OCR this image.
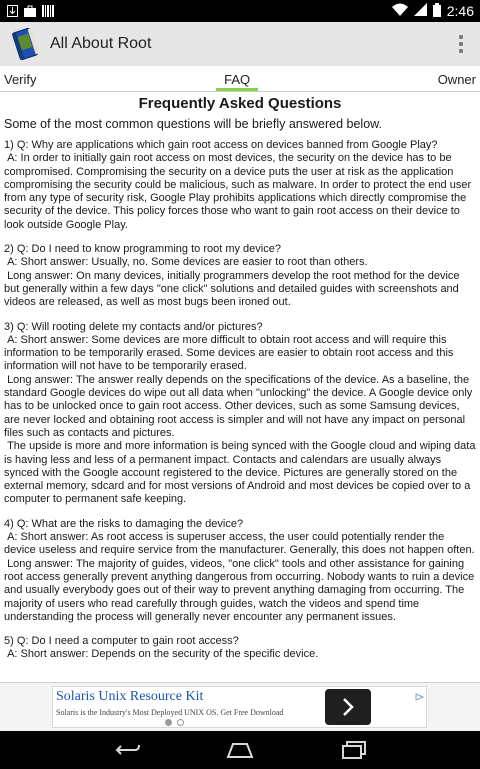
2:46
All About Root
Verify	FAQ	Owner
Frequently Asked Questions
Some of the most common questions will be briefly answered below.
1) Q: Why are applications which gain root access on devices banned from Google Play?
A: In order to initially gain root access on most devices, the security on the device has to be compromised. Compromising the security on a device puts the user at risk as the application compromising the security could be malicious, such as malware. In order to protect the end user from any type of security risk, Google Play prohibits applications which directly compromise the security of the device. This policy forces those who want to gain root access on their device to look outside Google Play.
2) Q: Do I need to know programming to root my device?
A: Short answer: Usually, no. Some devices are easier to root than others.
Long answer: On many devices, initially programmers develop the root method for the device but generally within a few days "one click" solutions and detailed guides with screenshots and videos are released, as well as most bugs been ironed out.
3) Q: Will rooting delete my contacts and/or pictures?
A: Short answer: Some devices are more difficult to obtain root access and will require this information to be temporarily erased. Some devices are easier to obtain root access and this information will not have to be temporarily erased.
Long answer: The answer really depends on the specifications of the device. As a baseline, the standard Google devices do wipe out all data when "unlocking" the device. A Google device only has to be unlocked once to gain root access. Other devices, such as some Samsung devices, are never locked and obtaining root access is simpler and will not have any impact on personal files such as contacts and pictures.
The upside is more and more information is being synced with the Google cloud and wiping data is having less and less of a permanent impact. Contacts and calendars are usually always synced with the Google account registered to the device. Pictures are generally stored on the external memory, sdcard and for most versions of Android and most devices be copied over to a computer to permanent safe keeping.
4) Q: What are the risks to damaging the device?
A: Short answer: As root access is superuser access, the user could potentially render the device useless and require service from the manufacturer. Generally, this does not happen often.
Long answer: The majority of guides, videos, "one click" tools and other assistance for gaining root access generally prevent anything dangerous from occurring. Nobody wants to ruin a device and usually everybody goes out of their way to prevent anything damaging from occurring. The majority of users who read carefully through guides, watch the videos and spend time understanding the process will generally never encounter any permanent issues.
5) Q: Do I need a computer to gain root access?
A: Short answer: Depends on the security of the specific device.
Solaris Unix Resource Kit
Solaris is the Industry's Most Deployed UNIX OS. Get Free Download
